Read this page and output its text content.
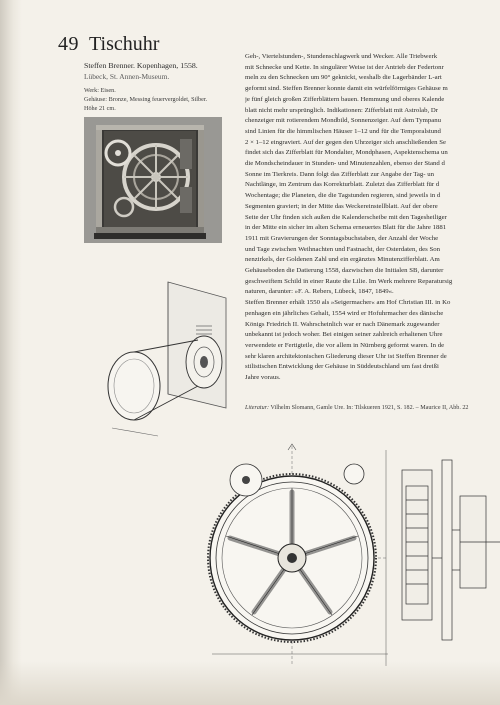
49 Tischuhr
Steffen Brenner. Kopenhagen, 1558.
Lübeck, St. Annen-Museum.
Werk: Eisen.
Gehäuse: Bronze, Messing feuervergoldet, Silber.
Höhe 21 cm.
Geh-, Viertelstunden-, Stundenschlagwerk und Wecker. Alle Triebwerk
mit Schnecke und Kette. In singulärer Weise ist der Antrieb der Federtonr
meln zu den Schnecken um 90° geknickt, weshalb die Lagerbänder L-art
geformt sind. Steffen Brenner konnte damit ein würfelförmiges Gehäuse m
je fünf gleich großen Zifferblättern bauen. Hemmung und oberes Kalende
blatt nicht mehr ursprünglich. Indikationen: Zifferblatt mit Astrolab, Dr
chenzeiger mit rotierendem Mondbild, Sonnenzeiger. Auf dem Tympanu
sind Linien für die himmlischen Häuser 1–12 und für die Temporalstund
2 × 1–12 eingraviert. Auf der gegen den Uhrzeiger sich anschließenden Se
findet sich das Zifferblatt für Mondalter, Mondphasen, Aspektenschema un
die Mondscheindauer in Stunden- und Minutenzahlen, ebenso der Stand d
Sonne im Tierkreis. Dann folgt das Zifferblatt zur Angabe der Tag- un
Nachtlänge, im Zentrum das Korrekturblatt. Zuletzt das Zifferblatt für d
Wochentage; die Planeten, die die Tagstunden regieren, sind jeweils in d
Segmenten graviert; in der Mitte das Weckereinstellblatt. Auf der obere
Seite der Uhr finden sich außen die Kalenderscheibe mit den Tagesheiliger
in der Mitte ein sicher im alten Schema erneuertes Blatt für die Jahre 1881
1911 mit Gravierungen der Sonntagsbuchstaben, der Anzahl der Woche
und Tage zwischen Weihnachten und Fastnacht, der Osterdaten, des Son
nenzirkels, der Goldenen Zahl und ein ergänztes Minutenzifferblatt. Am
Gehäuseboden die Datierung 1558, dazwischen die Initialen SB, darunter
geschweiftem Schild in einer Raute die Lilie. Im Werk mehrere Reparatursig
naturen, darunter: »F. A. Rebers, Lübeck, 1847, 1849«.
Steffen Brenner erhält 1550 als »Seigermacher« am Hof Christian III. in Ko
penhagen ein jährliches Gehalt, 1554 wird er Hofuhrmacher des dänische
Königs Friedrich II. Wahrscheinlich war er nach Dänemark zugewander
unbekannt ist jedoch woher. Bei einigen seiner zahlreich erhaltenen Uhre
verwendete er Fertigteile, die vor allem in Nürnberg geformt waren. In de
sehr klaren architektonischen Gliederung dieser Uhr ist Steffen Brenner de
stilistischen Entwicklung der Gehäuse in Süddeutschland um fast dreißi
Jahre voraus.
Literatur: Vilhelm Slomann, Gamle Ure. In: Tilskueren 1921, S. 182. – Maurice II, Abb. 22
